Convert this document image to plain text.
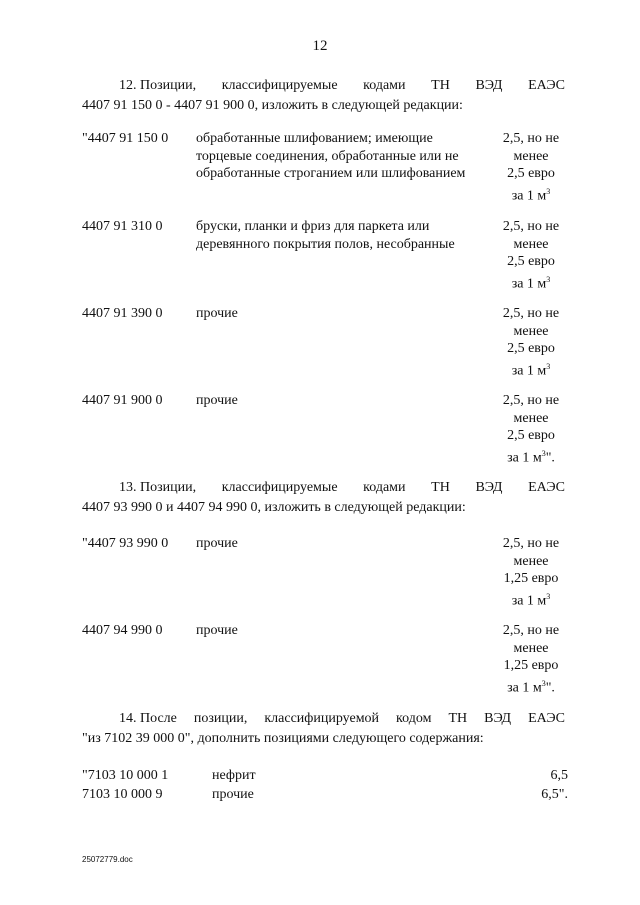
12
12. Позиции, классифицируемые кодами ТН ВЭД ЕАЭС
4407 91 150 0 - 4407 91 900 0, изложить в следующей редакции:
"4407 91 150 0 обработанные шлифованием; имеющие торцевые соединения, обработанные или не обработанные строганием или шлифованием
2,5, но не
менее
2,5 евро
за 1 $м^3$
4407 91 310 0 бруски, планки и фриз для паркета или деревянного покрытия полов, несобранные
2,5, но не
менее
2,5 евро
за 1 $м^3$
4407 91 390 0 прочие	2,5, но не
менее
2,5 евро
за 1 $м^3$
4407 91 900 0 прочие	2,5, но не
менее
2,5 евро
за 1 $м^3$".
13. Позиции, классифицируемые кодами ТН ВЭД ЕАЭС
4407 93 990 0 и 4407 94 990 0, изложить в следующей редакции:
"4407 93 990 0 прочие	2,5, но не
менее
1,25 евро
за 1 $м^3$
4407 94 990 0 прочие	2,5, но не
менее
1,25 евро
за 1 $м^3$".
14. После позиции, классифицируемой кодом ТН ВЭД ЕАЭС
"из 7102 39 000 0", дополнить позициями следующего содержания:
"7103 10 000 1	нефрит	6,5
7103 10 000 9	прочие	6,5".
25072779.doc
